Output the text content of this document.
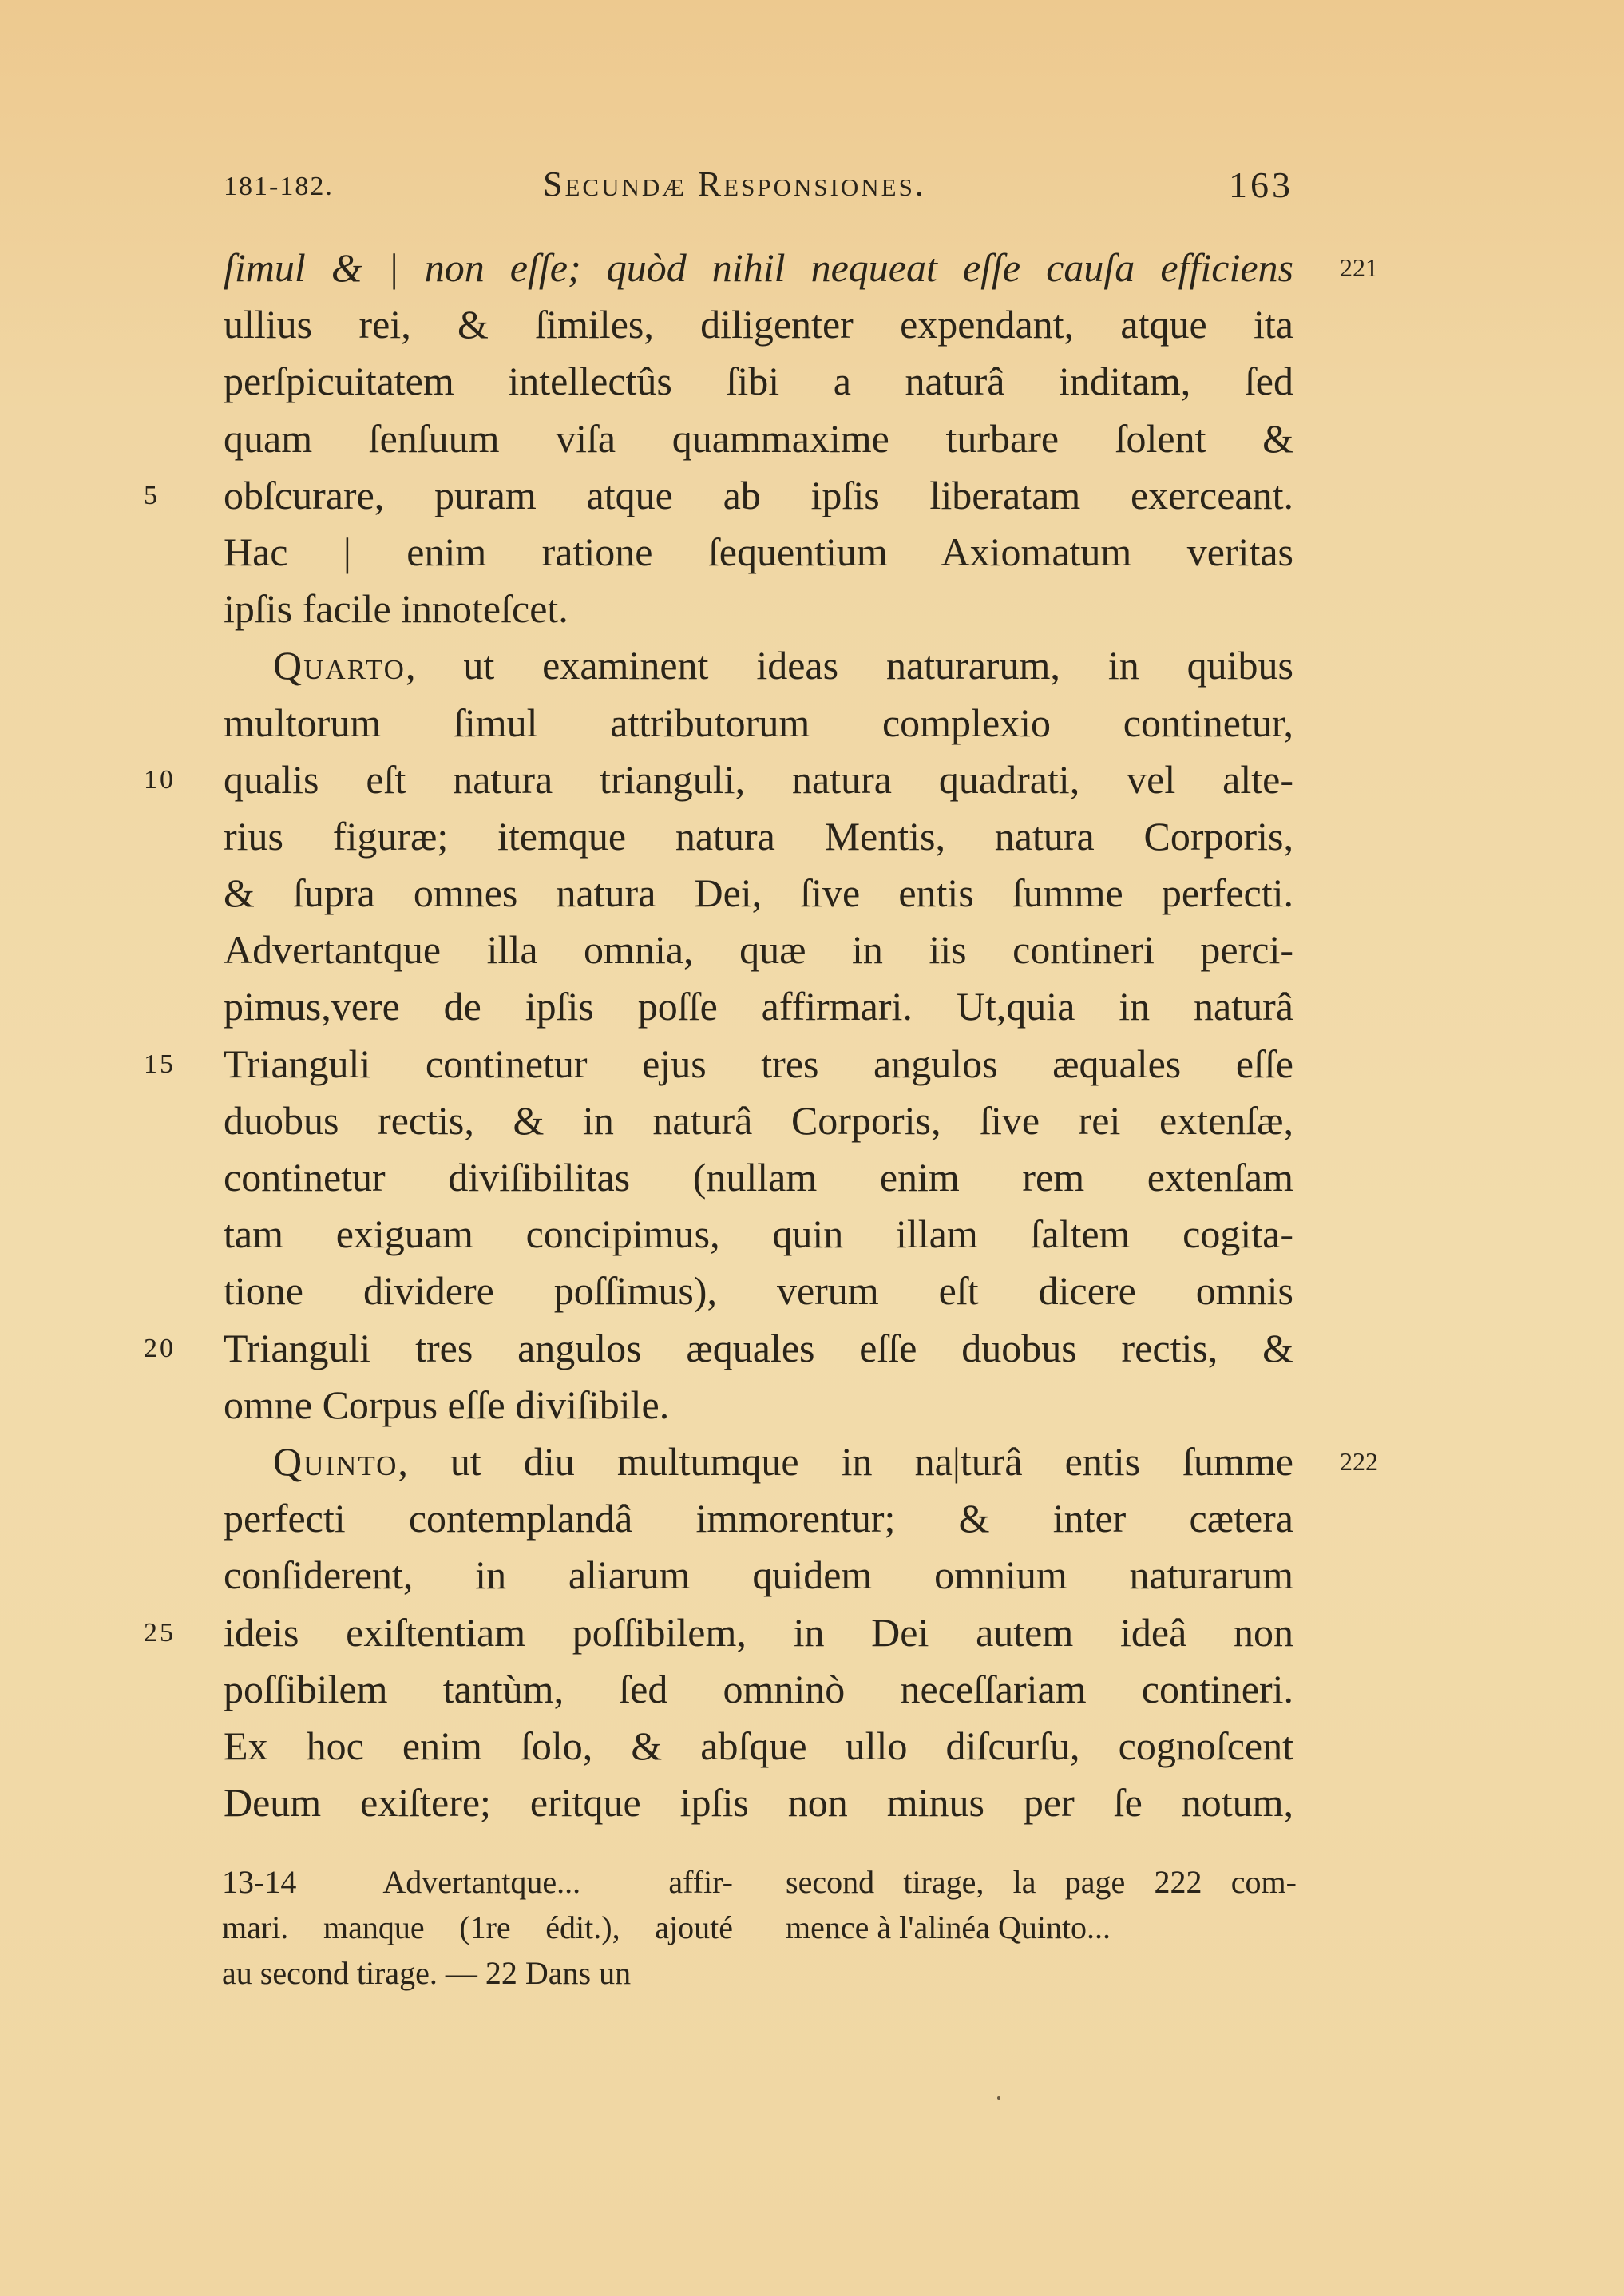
181-182.	Secundæ Responsiones.	163
ſimul & | non eſſe; quòd nihil nequeat eſſe cauſa efficiens 221
ullius rei, & ſimiles, diligenter expendant, atque ita
perſpicuitatem intellectûs ſibi a naturâ inditam, ſed
quam ſenſuum viſa quammaxime turbare ſolent &
5	obſcurare, puram atque ab ipſis liberatam exerceant.
Hac | enim ratione ſequentium Axiomatum veritas
ipſis facile innoteſcet.
Quarto, ut examinent ideas naturarum, in quibus
multorum ſimul attributorum complexio continetur,
10	qualis eſt natura trianguli, natura quadrati, vel alte-
rius figuræ; itemque natura Mentis, natura Corporis,
& ſupra omnes natura Dei, ſive entis ſumme perfecti.
Advertantque illa omnia, quæ in iis contineri perci-
pimus,vere de ipſis poſſe affirmari. Ut,quia in naturâ
15	Trianguli continetur ejus tres angulos æquales eſſe
duobus rectis, & in naturâ Corporis, ſive rei extenſæ,
continetur diviſibilitas (nullam enim rem extenſam
tam exiguam concipimus, quin illam ſaltem cogita-
tione dividere poſſimus), verum eſt dicere omnis
20	Trianguli tres angulos æquales eſſe duobus rectis, &
omne Corpus eſſe diviſibile.
Quinto, ut diu multumque in na|turâ entis ſumme 222
perfecti contemplandâ immorentur; & inter cætera
conſiderent, in aliarum quidem omnium naturarum
25	ideis exiſtentiam poſſibilem, in Dei autem ideâ non
poſſibilem tantùm, ſed omninò neceſſariam contineri.
Ex hoc enim ſolo, & abſque ullo diſcurſu, cognoſcent
Deum exiſtere; eritque ipſis non minus per ſe notum,
13-14 Advertantque... affir-
mari. manque (1re édit.), ajouté
au second tirage. — 22 Dans un
second tirage, la page 222 com-
mence à l'alinéa Quinto...
